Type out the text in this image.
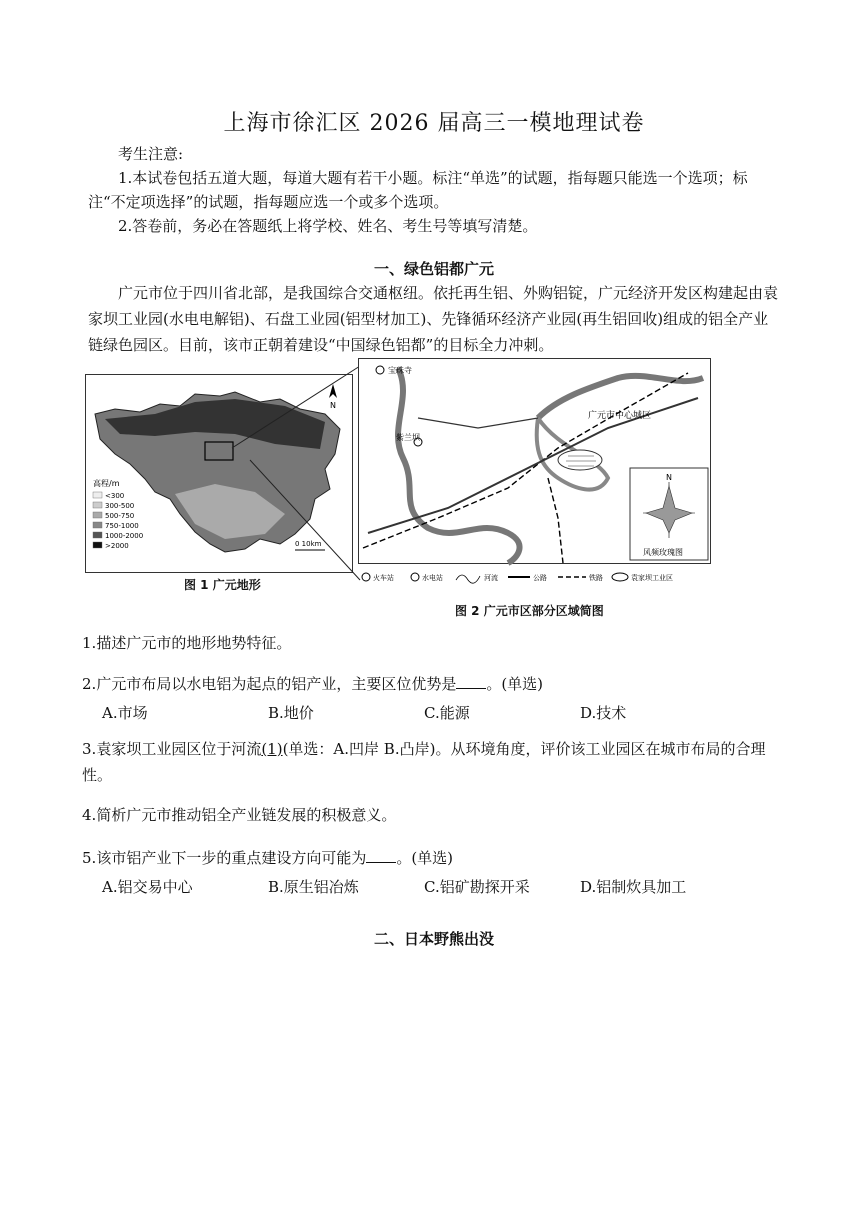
上海市徐汇区 2026 届高三一模地理试卷
考生注意:

1.本试卷包括五道大题，每道大题有若干小题。标注“单选”的试题，指每题只能选一个选项；标注“不定项选择”的试题，指每题应选一个或多个选项。

2.答卷前，务必在答题纸上将学校、姓名、考生号等填写清楚。

一、绿色铝都广元
广元市位于四川省北部，是我国综合交通枢纽。依托再生铝、外购铝锭，广元经济开发区构建起由袁家坝工业园(水电电解铝)、石盘工业园(铝型材加工)、先锋循环经济产业园(再生铝回收)组成的铝全产业链绿色园区。目前，该市正朝着建设“中国绿色铝都”的目标全力冲刺。
高程/m
<300
300-500
500-750
750-1000
1000-2000
>2000
N
0 10km
图 1 广元地形
宝珠寺
紫兰坝
广元市中心城区
N
风频玫瑰图
火车站	水电站	河流	公路	铁路	袁家坝工业区
图 2 广元市区部分区域简图
1.描述广元市的地形地势特征。
2.广元市布局以水电铝为起点的铝产业，主要区位优势是 。(单选)
A.市场	B.地价	C.能源	D.技术
3.袁家坝工业园区位于河流(1)(单选：A.凹岸 B.凸岸)。从环境角度，评价该工业园区在城市布局的合理
性。
4.简析广元市推动铝全产业链发展的积极意义。
5.该市铝产业下一步的重点建设方向可能为 。(单选)
A.铝交易中心	B.原生铝冶炼	C.铝矿勘探开采	D.铝制炊具加工
二、日本野熊出没
